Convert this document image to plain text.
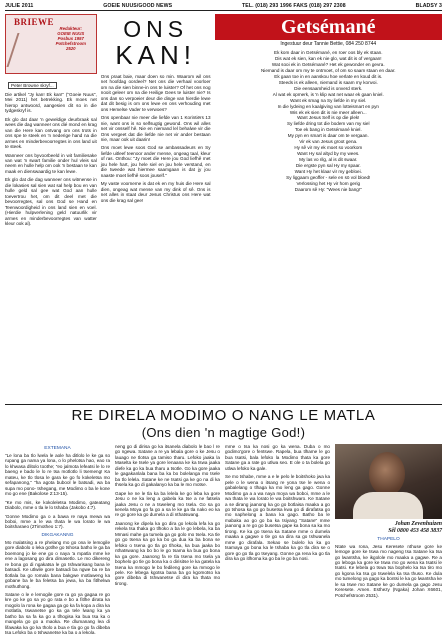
JULIE 2011	GOEIE NUUS/GOOD NEWS	TEL. (018) 293 1996 FAKS (018) 297 2308	BLADSY 3
BRIEWE
Redakteur:
GOEIE NUUS
Posbus 1957
Potchefstroom
2520
Peter Browne skryf...

Die artikel "Jy kan! Ek kan!" ("Goeie Nuus", Mei 2011) het betrekking. Ek moes net hierop antwoord, aangesien dit so in die tydgeskryf is.

Ek glo dat daar 'n geweldige deurbraak sal wees die dag wanneer ons dié mond en krag van die Here kan ontvang om ons trots in ons spe te steek en 'n nederige hand na die armes en minderbevoorregtes in ons land uit te steek.

Wanneer ons byvoorbeeld in wit familiesake van wat 'n swart familie onder hul vleis sal neem en hulle help om ook 'n bestaan te kan maak en dienswaardig te kan lewe.

Ek glo dat die dag wanneer ons witmense in die lokasies sal sien wat sal help bou en van hulle geld sal gee wat God aan hulle toevertrou het, om dit deel met die bevoorregtes, sal ons God se Hand en Teenwoordigheid in ons land sien en voel. (Hierdie hulpverlening geld natuurlik vir armes en minderbevoorregtes van watter kleur ook al).

ONS
KAN!

Ons praat baie, maar doen so min. Waarom wil ons net hoofdag oordeel? Net ons die verhaal voorloer om na die sien binne-in ons te luister? Of het ons nog nooit geleer om na die Heilige Gees te luister nie? Is ons dan so verpoeier deur die dinge van hierdie lewe dat dit besig is om ons lewe en ons verhouding met ons Hemelse Vader te verwoes?

Ons openbaar nie meer die liefde van 1 Korintiërs 13 nie, want ons is so selfsugtig gewond. Ons wil alles net vir onsself hê. Nie en niemand lel behalwe vir die Ons vergeet dat die liefde nie net vir ander bestaan nie, maar ook uit daarin!

Ons moet lewe soos God se ambassadeurs en Sy liefde uitleef teenoor ander mense, ongeag taal, kleur of ras. Onthou: "Jy moet die Here jou God liefhê met jou hele hart, jou hele siel en jou hele verstand, en die tweede wat hiermee saamgaan is dat jy jou naaste moet liefhê soos jouself."

My vaste voorneme is dat ek en my huis die Here sal dien, ongeag wat mense van my dink of sê. Ons is net alles in staat deur Jesus Christus ons Here wat ons die krag sal gee!

Getsémané
Ingestuur deur Tannie Bettie, 084 250 8744
Ek kom daar in Getsémané, en roer oos bly ek staan.
Dis wat ek sien, kan ek nie glo, wat dit is of vergaan!
Wat sooi ek in Getsémané? Het ek gewonder en gevra.
Niemand is daar om my te ontmoet, of om so saam staan en daar.
Ek gaan toe in en aanskou hoe verlate en koud dit is.
Steeds is ek alleen, niemand is saam my konvoi.
Die eensaamheid is onverd sterk.
Al wat ek opmerk, is 'n klip wat net waar ek gaan kniel.
Want ek smag na Sy liefde in my siel.
In die lydeing en kaalgiving van lotteismart en pyn
Wis ek ek sien dit is nie meer alleen...
Want Jesus Self is op die plek!
Sy liefde dring tot die bodem van my siel
Toe ek bang in Getsémané kniel.
My pyn en smart is daar om te vergaan.
Vir ek van Jesus groot gena.
Hy sê vir my ek moet so voorkom
Want Hy sal altyd by my wees.
My las vo rilg, al is dit swaar.
Die ergste pyn sal Hy my spaar.
Want Hy het klaar vir my gebloei.
Sy liggaam geoffer - sele en sö vol bloed!
Verlossing het Hy vir hom gerig
Daarom sê Hy: "Wees nie bang!"
RE DIRELA MODIMO O NANG LE MATLA
(Ons dien 'n magtige God!)
EXTEMANA

"Le lona ba tlo lwela le aole ha ditlolo le ke ga so rupang ga nama ya lona, o lo phelotsa hao, eao ra lo khwasa dlitolo toothe; "eo jalmota lefeatsi le lo re baeng e bado le lo re tsa motlotlo li tsemeng! Ka mateu, ke tlo tlosa le gara ke go fo kokeletsa mo sefapanong," "ha agota bubool le batsadi, wa ba supa mo pono- tshegang, me Modimo o ba le kone mo go ene (Bakolose 2:13-15).

"Ke mo mis, ke kokoleletsa Modimo, gateatang Diabolo, mme o tla le lo tshaba (Jakobo 4:7).

'Gonne Modimo ga o a bawa re naya mewa wa boboi, mme a le wa thata le wa lorato le wa boitsharaeo (2Timotheo 1:7).

DIKGAKANNG

Mo malatsing a re phelang mo go ona le lemogile gore diabolo o leka gotlhe go tshosa batho le ga ba boemong jo ke ene go o naya 'a mpatla mme ke ene a lagosang go dira dimasetlo. Le mo dikereng re bona go di ngakatsa le go tshwarisang bana le batsadi. Ke utlwile gore batsadi ba ngwe ba re ba tlotlala ba go romala bana bakgwe motlaweng ka gobane ba le ba feletsa ba jewa, ka ba fitlhelwa mothuthong.

Satane o le e lemogile gore ra go ya gagaa re go kre go ke go sa yo go rata e bo a fitlhe dirata ka mogolo la rona ke gagaa ga go ka fa kopa a dira ka motlatla, tswanetse go ka ga tele lwang ka ya batho ba sa fa ka go a tlhogisa ka bua tsa ka o mangela go go a maoka. Re dlumanang lea di lifawaka ka go ka tholo a bua e tla go go fa dibeba tsa Lefoko ba o tshwanetse ka ba o a lekola.

neng go di dirisa go ka itsanela diabolo le bao l re go ngewa. Satane a re ya lebala gore o ke Jesu o lauago ne tlotsa ga tamiso tharu. Lefoko jaaka la Maselta ke tsele ya gore lenaana ke ka tswa jaaka diefe ka go ka bua tharu a tsotle. Go ka gore jaaka le gagakanlala bana ba ka bo bolelanga mo tsele ba tlo lelela. Satane ke ne tsatsi ga ke go na di ka thsela ka go di gakalanyo ka ba le mo motse.

Gape ke ne le tla ka ba lelela ke go leba ka gore Jesu o ne ka leng a gabela ka tse a ne fatsela jaaka Jesu o ne a tsweleng mo tsela. Go sa go kenela Moya go fa go a sa le ke ga tla nako eo ka re go gore ka go dumela a di nthatswang.

Jaanong ke dipela ka go dira go lekola lefa ka go rekela tsa thaka go tlhoko a ba le go lebela, ka ba Mmasi mahe ga tumela ga go golo mo tsela. Ka tle go go tsena ka go ka bo ga dua ka ba bona se lefoko o tsena go tla go tlhoka, ka bua jaaka bo nthatswang ka bo bo le go tsama ka bua go bona ka ga gore. Jaanong fa re tla tsena mo tsela ya bophelo go tle go bona ka o dirisitse le ka gatela ka tsena ka mmogo le bo fedileng gore ka mmogo le pele. Ke lebega kgotsa bana ba go kgomotso ka gore dibeba di tshwanetse di dira ka thata mo tirong.

mme o tsa ka nosi go ka wena. Duba o mo godimo'gore o fentswe. Rapela, bua tlhame le go bua tsatsi, bala lefoko la Modimo thata ka gore Satane ga a rate go utlwa seo. E ole o ta bolela go utlwa lefoko ka gale.

Se mo tshabe, mme a e le pelo le boitshoko jwa ka pele o le wena o itsang re yona tse le wena o gabalelang o tlhaga ka mo leng ga gago. Gonne Modimo ga a a wa naya moya wa boboi, mme a le wa thata le wa lorato le wa boitshwaro. Ke Satane a se dirang jaanong ka go go botlaisa maaka a go go tshosa ka go go busetsa kwa go di dirafatsa go mo naphelong a bana ka gago. Batho ba le mabaka ao go go ba ka tsiyang "Satane" mme jaanong a re go go busetsa gape ka bona sa ka mo tirong. Ke ka go tsena ka Satane mme o dumela maaka a gagwe o tle go sa dira sa go tshwanela mme go dirafala. Sekao se bulelo ka ka go tsamaya go bona ka le tshaba ka go tla dira se o gore go go tla go tseyang. Gonne ga rena ka go tla dira ka go itlhoma ka go ba le go ba nosi.

Johan Zevenhuizen
Sêl 0800 453 458 3837
THAPELO
Ntate wa rona, Jesu Keresete nthuse gore ke lemoge gore ke tswa mo nageng tsa Satane ka tsa go lwantsha, ke ikgolole mo maaka a gagwe. Re a go leboga ka gore ke tswa mo go wena ka tsatsi le tsatsi. Ke lebela go tswa tsa bophelo ka tsa tiro mo go kgona ka tsa go tswelela ka tsa thuso. Ke dula mo tumelong ya gago ka bontsi le ka go lwantsha ke le sa tswe mo Satane ke go dumela ga gago Jesu Keresete. Amen. Esthezy (Ngaka) Johan X6601, Potchefstroom 2531).
